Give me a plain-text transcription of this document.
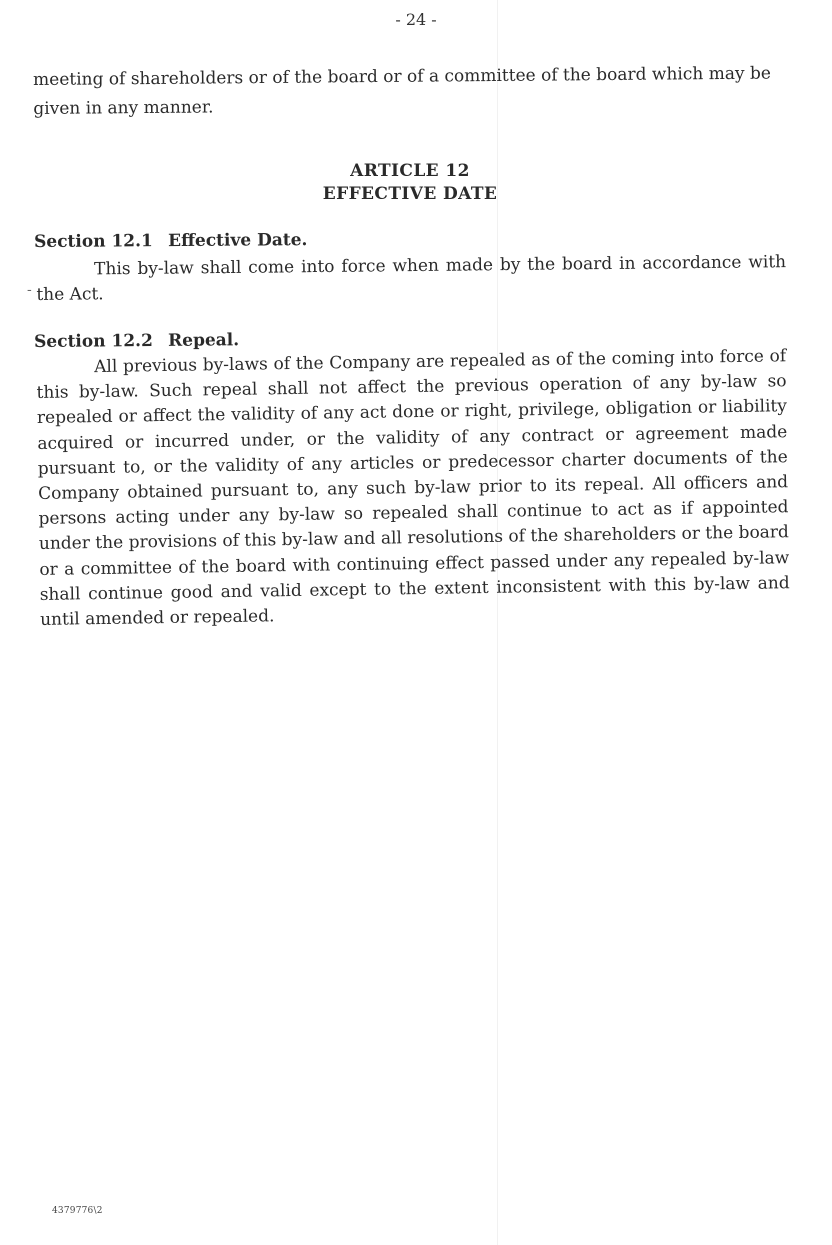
- 24 -

meeting of shareholders or of the board or of a committee of the board which may be given in any manner.

ARTICLE 12
EFFECTIVE DATE
Section 12.1 Effective Date.
-

This by-law shall come into force when made by the board in accordance with the Act.

Section 12.2 Repeal.

All previous by-laws of the Company are repealed as of the coming into force of this by-law. Such repeal shall not affect the previous operation of any by-law so repealed or affect the validity of any act done or right, privilege, obligation or liability acquired or incurred under, or the validity of any contract or agreement made pursuant to, or the validity of any articles or predecessor charter documents of the Company obtained pursuant to, any such by-law prior to its repeal. All officers and persons acting under any by-law so repealed shall continue to act as if appointed under the provisions of this by-law and all resolutions of the shareholders or the board or a committee of the board with continuing effect passed under any repealed by-law shall continue good and valid except to the extent inconsistent with this by-law and until amended or repealed.

4379776\2
